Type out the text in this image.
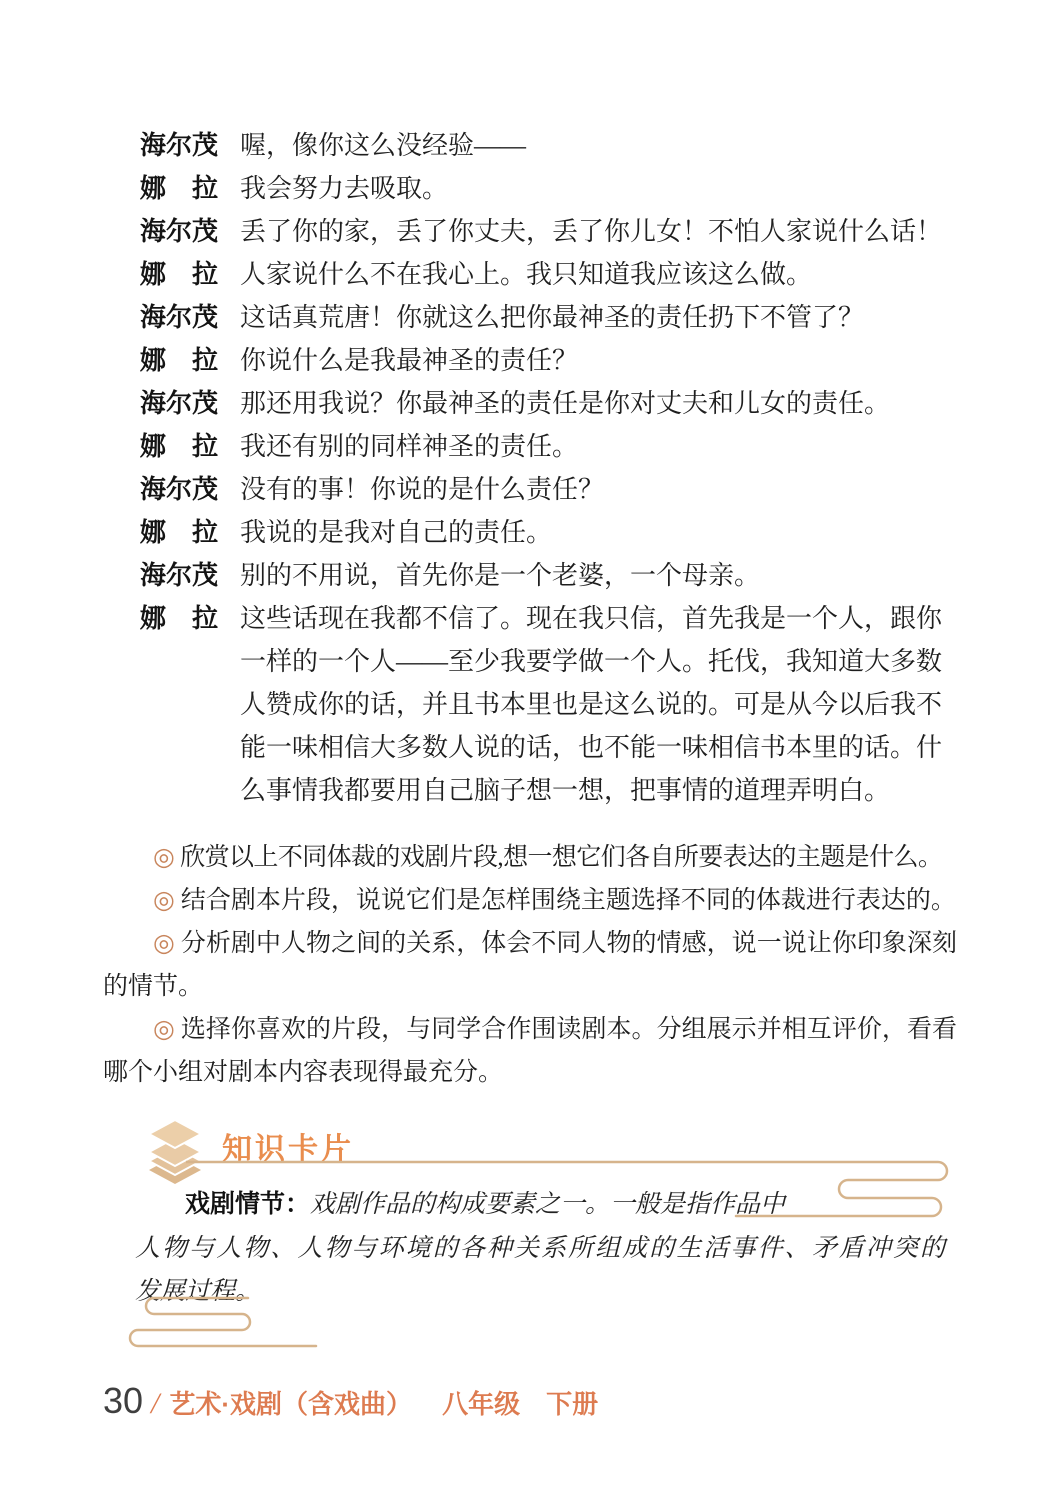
海尔茂 喔，像你这么没经验——
娜　拉 我会努力去吸取。
海尔茂 丢了你的家，丢了你丈夫，丢了你儿女！不怕人家说什么话！
娜　拉 人家说什么不在我心上。我只知道我应该这么做。
海尔茂 这话真荒唐！你就这么把你最神圣的责任扔下不管了？
娜　拉 你说什么是我最神圣的责任？
海尔茂 那还用我说？你最神圣的责任是你对丈夫和儿女的责任。
娜　拉 我还有别的同样神圣的责任。
海尔茂 没有的事！你说的是什么责任？
娜　拉 我说的是我对自己的责任。
海尔茂 别的不用说，首先你是一个老婆，一个母亲。
娜　拉 这些话现在我都不信了。现在我只信，首先我是一个人，跟你一样的一个人——至少我要学做一个人。托伐，我知道大多数人赞成你的话，并且书本里也是这么说的。可是从今以后我不能一味相信大多数人说的话，也不能一味相信书本里的话。什么事情我都要用自己脑子想一想，把事情的道理弄明白。

◎ 欣赏以上不同体裁的戏剧片段,想一想它们各自所要表达的主题是什么。

◎ 结合剧本片段，说说它们是怎样围绕主题选择不同的体裁进行表达的。

◎ 分析剧中人物之间的关系，体会不同人物的情感，说一说让你印象深刻的情节。

◎ 选择你喜欢的片段，与同学合作围读剧本。分组展示并相互评价，看看哪个小组对剧本内容表现得最充分。

知识卡片

戏剧情节：戏剧作品的构成要素之一。一般是指作品中

人物与人物、人物与环境的各种关系所组成的生活事件、矛盾冲突的

发展过程。

30 / 艺术·戏剧（含戏曲） 八年级 下册
